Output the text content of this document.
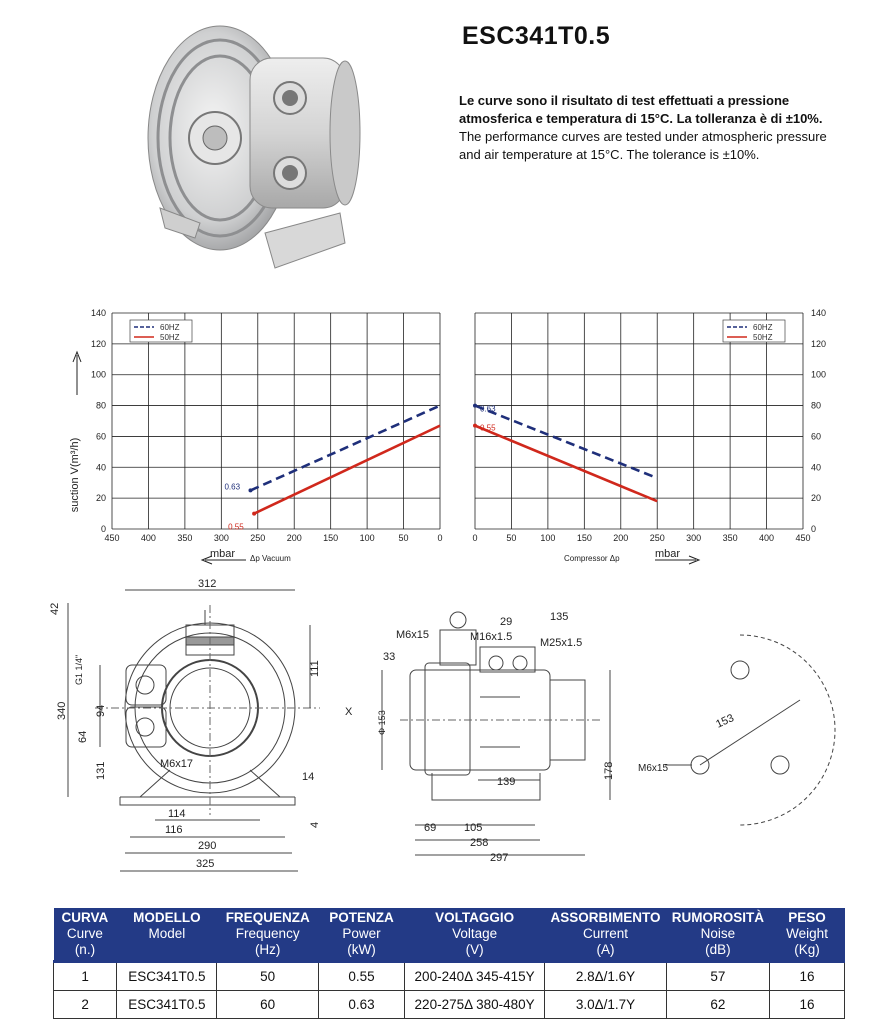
ESC341T0.5
Le curve sono il risultato di test effettuati a pressione atmosferica e temperatura di 15°C. La tolleranza è di ±10%.
The performance curves are tested under atmospheric pressure and air temperature at 15°C. The tolerance is ±10%.
450 400 350 300 250 200 150 100	50	0
0
20
40
60
80
100
120
140
60HZ
50HZ
0.63
0.55
suction V(m³/h)
mbar Δp Vacuum
0	50	100 150 200 250 300 350 400 450
0
20
40
60
80
100
120
140
60HZ
50HZ
0.63
0.55
Compressor Δp	mbar
312
42
G1 1/4"
340 94
64
131
111
M6x17
14
4
114
116
290
325
M6x15	M16x1.5	M25x1.5
29	135
33
Φ 153
X
139
178
69	105
258
297
153
M6x15
CURVA
Curve
(n.)	MODELLO
Model	FREQUENZA
Frequency
(Hz)	POTENZA
Power
(kW)	VOLTAGGIO
Voltage
(V)	ASSORBIMENTO
Current
(A)	RUMOROSITÀ
Noise
(dB)	PESO
Weight
(Kg)

1	ESC341T0.5	50	0.55	200-240Δ 345-415Y	2.8Δ/1.6Y	57	16
2	ESC341T0.5	60	0.63	220-275Δ 380-480Y	3.0Δ/1.7Y	62	16
